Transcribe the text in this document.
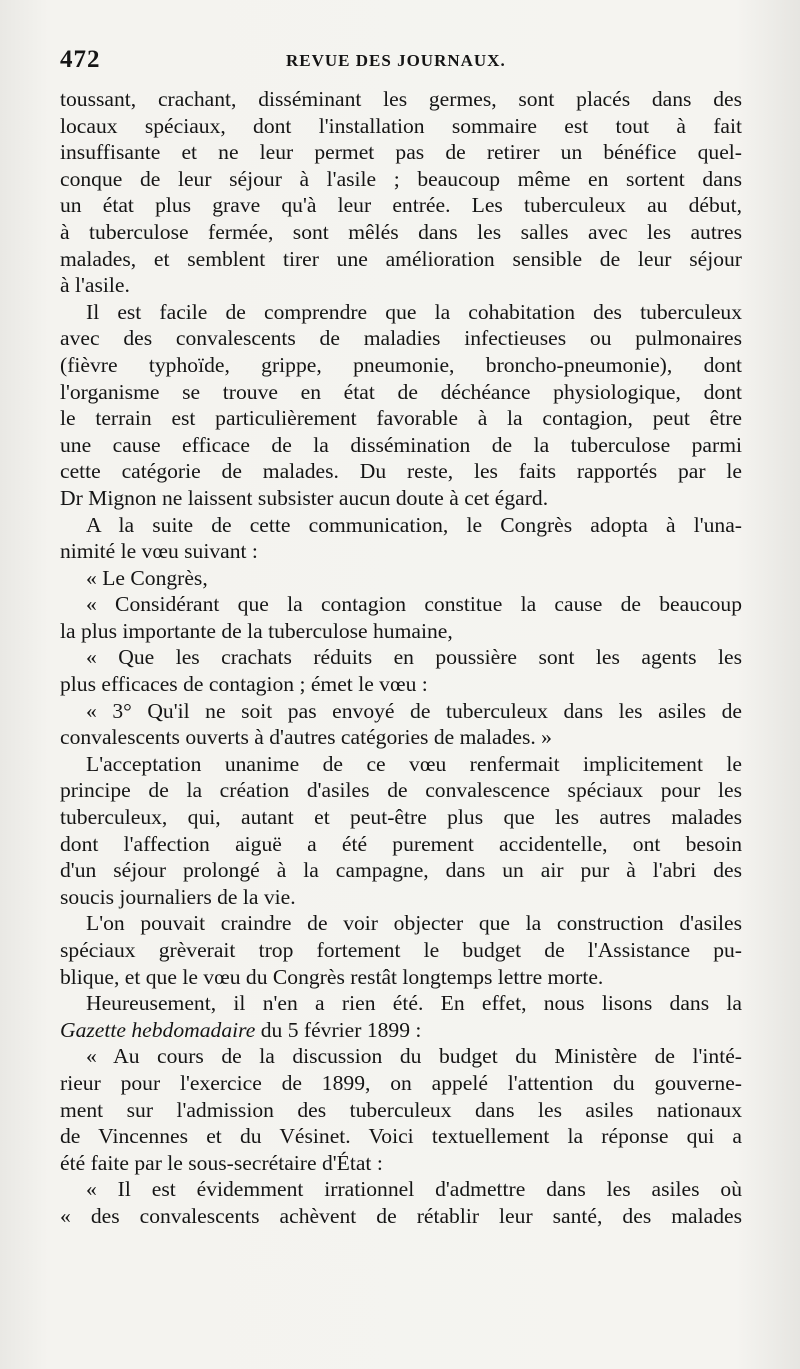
472	REVUE DES JOURNAUX.
toussant, crachant, disséminant les germes, sont placés dans des
locaux spéciaux, dont l'installation sommaire est tout à fait
insuffisante et ne leur permet pas de retirer un bénéfice quel-
conque de leur séjour à l'asile ; beaucoup même en sortent dans
un état plus grave qu'à leur entrée. Les tuberculeux au début,
à tuberculose fermée, sont mêlés dans les salles avec les autres
malades, et semblent tirer une amélioration sensible de leur séjour
à l'asile.
Il est facile de comprendre que la cohabitation des tuberculeux
avec des convalescents de maladies infectieuses ou pulmonaires
(fièvre typhoïde, grippe, pneumonie, broncho-pneumonie), dont
l'organisme se trouve en état de déchéance physiologique, dont
le terrain est particulièrement favorable à la contagion, peut être
une cause efficace de la dissémination de la tuberculose parmi
cette catégorie de malades. Du reste, les faits rapportés par le
Dr Mignon ne laissent subsister aucun doute à cet égard.
A la suite de cette communication, le Congrès adopta à l'una-
nimité le vœu suivant :
« Le Congrès,
« Considérant que la contagion constitue la cause de beaucoup
la plus importante de la tuberculose humaine,
« Que les crachats réduits en poussière sont les agents les
plus efficaces de contagion ; émet le vœu :
« 3° Qu'il ne soit pas envoyé de tuberculeux dans les asiles de
convalescents ouverts à d'autres catégories de malades. »
L'acceptation unanime de ce vœu renfermait implicitement le
principe de la création d'asiles de convalescence spéciaux pour les
tuberculeux, qui, autant et peut-être plus que les autres malades
dont l'affection aiguë a été purement accidentelle, ont besoin
d'un séjour prolongé à la campagne, dans un air pur à l'abri des
soucis journaliers de la vie.
L'on pouvait craindre de voir objecter que la construction d'asiles
spéciaux grèverait trop fortement le budget de l'Assistance pu-
blique, et que le vœu du Congrès restât longtemps lettre morte.
Heureusement, il n'en a rien été. En effet, nous lisons dans la
Gazette hebdomadaire du 5 février 1899 :
« Au cours de la discussion du budget du Ministère de l'inté-
rieur pour l'exercice de 1899, on appelé l'attention du gouverne-
ment sur l'admission des tuberculeux dans les asiles nationaux
de Vincennes et du Vésinet. Voici textuellement la réponse qui a
été faite par le sous-secrétaire d'État :
« Il est évidemment irrationnel d'admettre dans les asiles où
« des convalescents achèvent de rétablir leur santé, des malades
